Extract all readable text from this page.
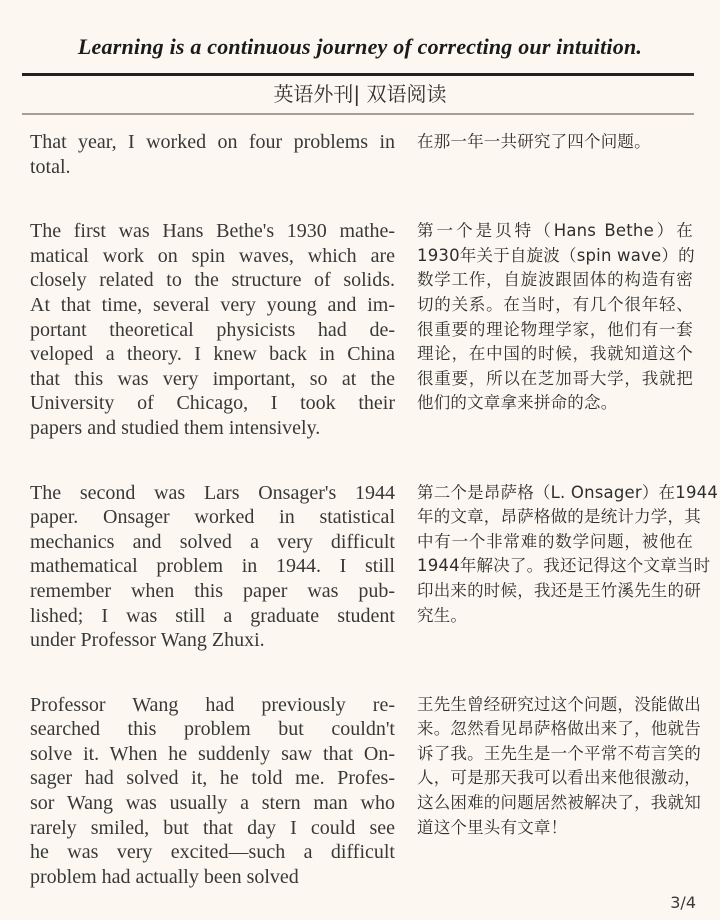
Learning is a continuous journey of correcting our intuition.
英语外刊| 双语阅读
That year, I worked on four problems in
total.
在那一年一共研究了四个问题。
The first was Hans Bethe's 1930 mathe-
matical work on spin waves, which are
closely related to the structure of solids.
At that time, several very young and im-
portant theoretical physicists had de-
veloped a theory. I knew back in China
that this was very important, so at the
University of Chicago, I took their
papers and studied them intensively.
第一个是贝特（Hans Bethe）在
1930年关于自旋波（spin wave）的
数学工作，自旋波跟固体的构造有密
切的关系。在当时，有几个很年轻、
很重要的理论物理学家，他们有一套
理论，在中国的时候，我就知道这个
很重要，所以在芝加哥大学，我就把
他们的文章拿来拼命的念。
The second was Lars Onsager's 1944
paper. Onsager worked in statistical
mechanics and solved a very difficult
mathematical problem in 1944. I still
remember when this paper was pub-
lished; I was still a graduate student
under Professor Wang Zhuxi.
第二个是昂萨格（L. Onsager）在1944
年的文章，昂萨格做的是统计力学，其
中有一个非常难的数学问题，被他在
1944年解决了。我还记得这个文章当时
印出来的时候，我还是王竹溪先生的研
究生。
Professor Wang had previously re-
searched this problem but couldn't
solve it. When he suddenly saw that On-
sager had solved it, he told me. Profes-
sor Wang was usually a stern man who
rarely smiled, but that day I could see
he was very excited—such a difficult
problem had actually been solved
王先生曾经研究过这个问题，没能做出
来。忽然看见昂萨格做出来了，他就告
诉了我。王先生是一个平常不苟言笑的
人，可是那天我可以看出来他很激动，
这么困难的问题居然被解决了，我就知
道这个里头有文章！
3/4
